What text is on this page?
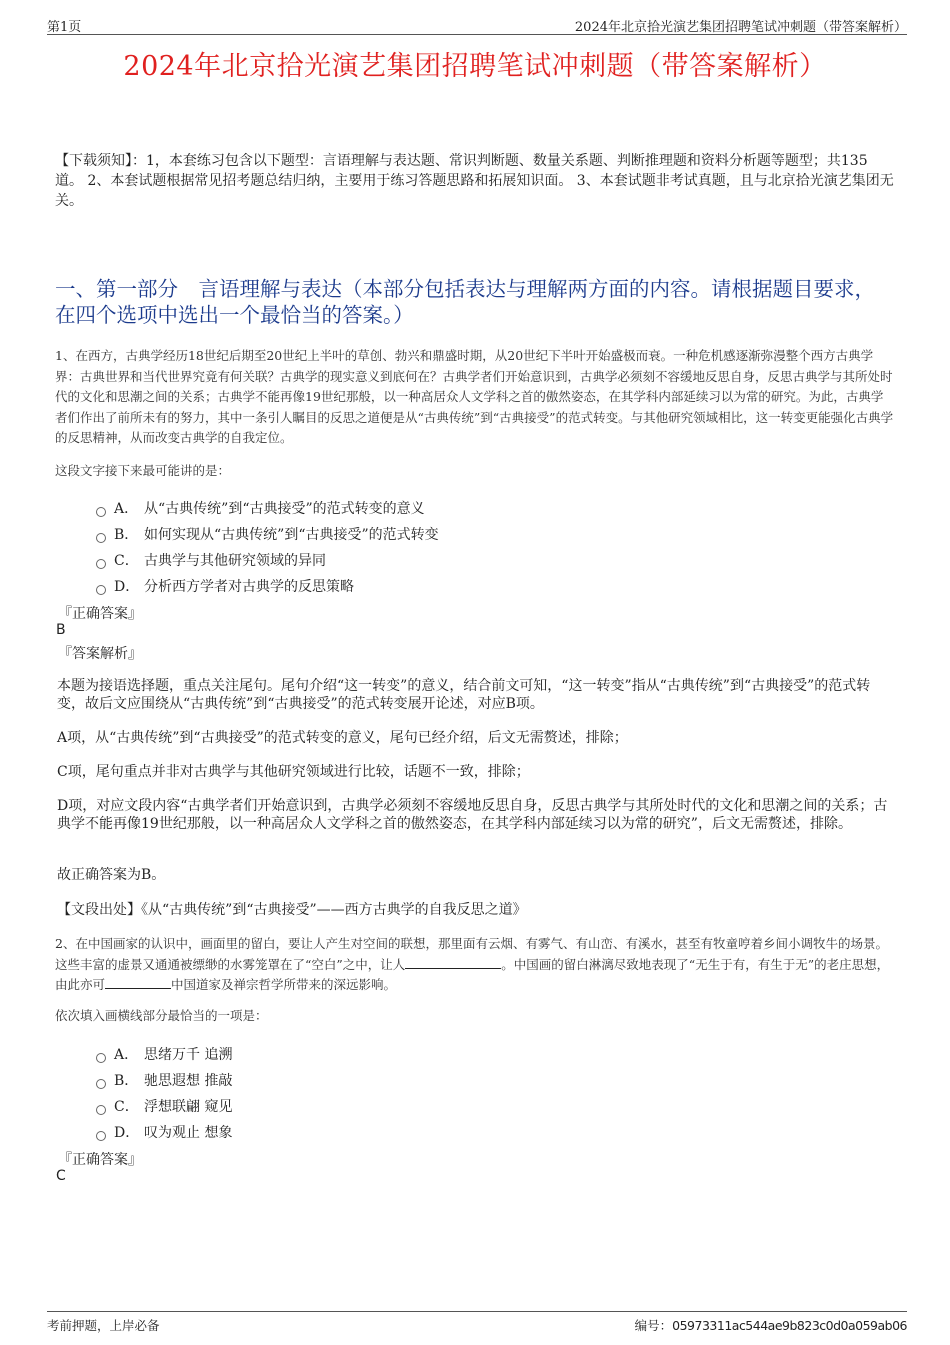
第1页	2024年北京拾光演艺集团招聘笔试冲刺题（带答案解析）
2024年北京拾光演艺集团招聘笔试冲刺题（带答案解析）
【下载须知】：1，本套练习包含以下题型：言语理解与表达题、常识判断题、数量关系题、判断推理题和资料分析题等题型；共135道。 2、本套试题根据常见招考题总结归纳，主要用于练习答题思路和拓展知识面。 3、本套试题非考试真题，且与北京拾光演艺集团无关。
一、第一部分　言语理解与表达（本部分包括表达与理解两方面的内容。请根据题目要求，在四个选项中选出一个最恰当的答案。）
1、在西方，古典学经历18世纪后期至20世纪上半叶的草创、勃兴和鼎盛时期，从20世纪下半叶开始盛极而衰。一种危机感逐渐弥漫整个西方古典学界：古典世界和当代世界究竟有何关联？古典学的现实意义到底何在？古典学者们开始意识到，古典学必须刻不容缓地反思自身，反思古典学与其所处时代的文化和思潮之间的关系；古典学不能再像19世纪那般，以一种高居众人文学科之首的傲然姿态，在其学科内部延续习以为常的研究。为此，古典学者们作出了前所未有的努力，其中一条引人瞩目的反思之道便是从“古典传统”到“古典接受”的范式转变。与其他研究领域相比，这一转变更能强化古典学的反思精神，从而改变古典学的自我定位。
这段文字接下来最可能讲的是：
A． 从“古典传统”到“古典接受”的范式转变的意义
B． 如何实现从“古典传统”到“古典接受”的范式转变
C． 古典学与其他研究领域的异同
D． 分析西方学者对古典学的反思策略
『正确答案』
B
『答案解析』
本题为接语选择题，重点关注尾句。尾句介绍“这一转变”的意义，结合前文可知，“这一转变”指从“古典传统”到“古典接受”的范式转变，故后文应围绕从“古典传统”到“古典接受”的范式转变展开论述，对应B项。
A项，从“古典传统”到“古典接受”的范式转变的意义，尾句已经介绍，后文无需赘述，排除；
C项，尾句重点并非对古典学与其他研究领域进行比较，话题不一致，排除；
D项，对应文段内容“古典学者们开始意识到，古典学必须刻不容缓地反思自身，反思古典学与其所处时代的文化和思潮之间的关系；古典学不能再像19世纪那般，以一种高居众人文学科之首的傲然姿态，在其学科内部延续习以为常的研究”，后文无需赘述，排除。
故正确答案为B。
【文段出处】《从“古典传统”到“古典接受”——西方古典学的自我反思之道》
2、在中国画家的认识中，画面里的留白，要让人产生对空间的联想，那里面有云烟、有雾气、有山峦、有溪水，甚至有牧童哼着乡间小调牧牛的场景。这些丰富的虚景又通通被缥缈的水雾笼罩在了“空白”之中，让人	。中国画的留白淋漓尽致地表现了“无生于有，有生于无”的老庄思想，由此亦可	中国道家及禅宗哲学所带来的深远影响。
依次填入画横线部分最恰当的一项是：
A． 思绪万千 追溯
B． 驰思遐想 推敲
C． 浮想联翩 窥见
D． 叹为观止 想象
『正确答案』
C
考前押题，上岸必备	编号：05973311ac544ae9b823c0d0a059ab06
